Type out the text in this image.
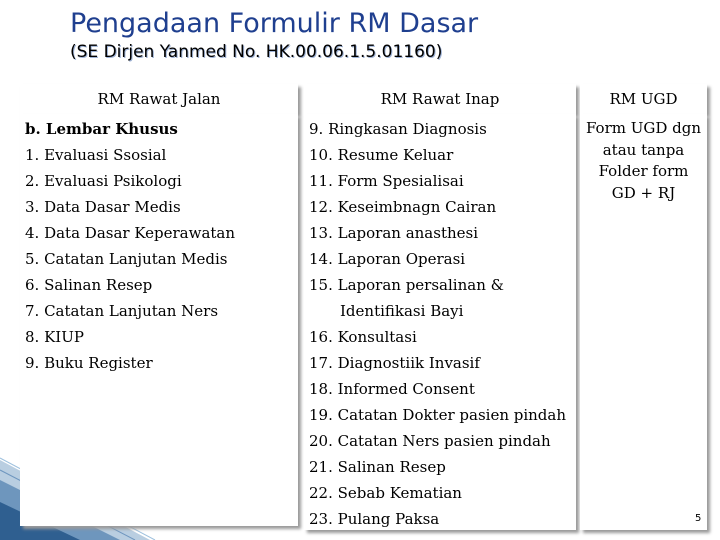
Pengadaan Formulir RM Dasar
(SE Dirjen Yanmed No. HK.00.06.1.5.01160)
RM Rawat Jalan	RM Rawat Inap	RM UGD
b. Lembar Khusus
1. Evaluasi Ssosial
2. Evaluasi Psikologi
3. Data Dasar Medis
4. Data Dasar Keperawatan
5. Catatan Lanjutan Medis
6. Salinan Resep
7. Catatan Lanjutan Ners
8. KIUP
9. Buku Register
9. Ringkasan Diagnosis
10. Resume Keluar
11. Form Spesialisai
12. Keseimbnagn Cairan
13. Laporan anasthesi
14. Laporan Operasi
15. Laporan persalinan &
Identifikasi Bayi
16. Konsultasi
17. Diagnostiik Invasif
18. Informed Consent
19. Catatan Dokter pasien pindah
20. Catatan Ners pasien pindah
21. Salinan Resep
22. Sebab Kematian
23. Pulang Paksa
Form UGD dgn
atau tanpa
Folder form
GD + RJ
5
